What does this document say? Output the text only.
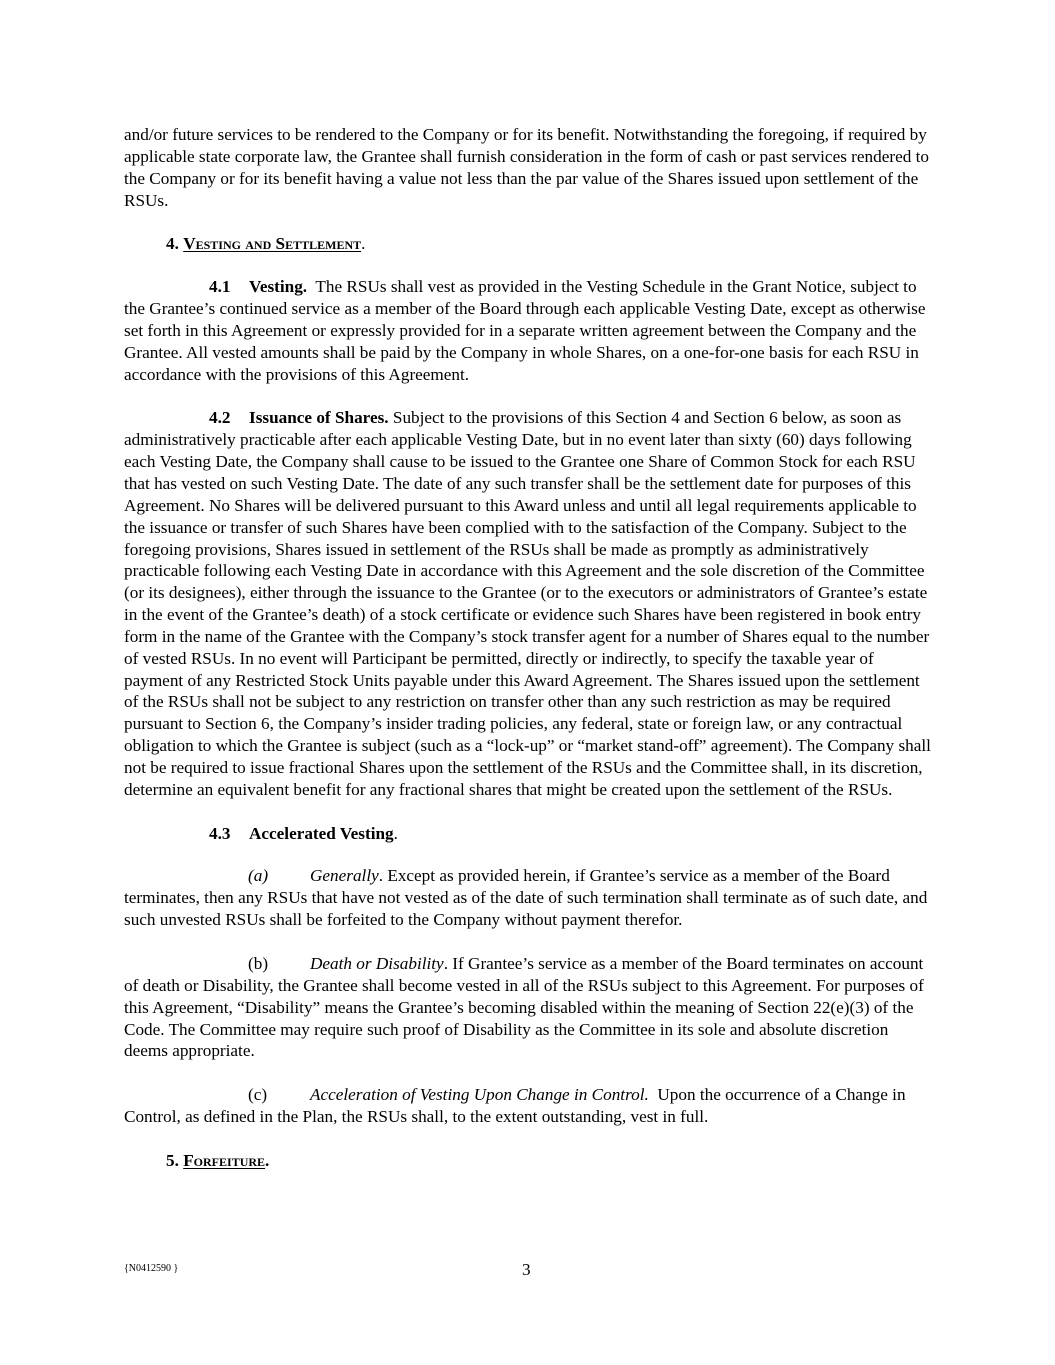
and/or future services to be rendered to the Company or for its benefit. Notwithstanding the foregoing, if required by applicable state corporate law, the Grantee shall furnish consideration in the form of cash or past services rendered to the Company or for its benefit having a value not less than the par value of the Shares issued upon settlement of the RSUs.

4. Vesting and Settlement.

4.1 Vesting. The RSUs shall vest as provided in the Vesting Schedule in the Grant Notice, subject to the Grantee’s continued service as a member of the Board through each applicable Vesting Date, except as otherwise set forth in this Agreement or expressly provided for in a separate written agreement between the Company and the Grantee. All vested amounts shall be paid by the Company in whole Shares, on a one-for-one basis for each RSU in accordance with the provisions of this Agreement.

4.2 Issuance of Shares. Subject to the provisions of this Section 4 and Section 6 below, as soon as administratively practicable after each applicable Vesting Date, but in no event later than sixty (60) days following each Vesting Date, the Company shall cause to be issued to the Grantee one Share of Common Stock for each RSU that has vested on such Vesting Date. The date of any such transfer shall be the settlement date for purposes of this Agreement. No Shares will be delivered pursuant to this Award unless and until all legal requirements applicable to the issuance or transfer of such Shares have been complied with to the satisfaction of the Company. Subject to the foregoing provisions, Shares issued in settlement of the RSUs shall be made as promptly as administratively practicable following each Vesting Date in accordance with this Agreement and the sole discretion of the Committee (or its designees), either through the issuance to the Grantee (or to the executors or administrators of Grantee’s estate in the event of the Grantee’s death) of a stock certificate or evidence such Shares have been registered in book entry form in the name of the Grantee with the Company’s stock transfer agent for a number of Shares equal to the number of vested RSUs. In no event will Participant be permitted, directly or indirectly, to specify the taxable year of payment of any Restricted Stock Units payable under this Award Agreement. The Shares issued upon the settlement of the RSUs shall not be subject to any restriction on transfer other than any such restriction as may be required pursuant to Section 6, the Company’s insider trading policies, any federal, state or foreign law, or any contractual obligation to which the Grantee is subject (such as a “lock-up” or “market stand-off” agreement). The Company shall not be required to issue fractional Shares upon the settlement of the RSUs and the Committee shall, in its discretion, determine an equivalent benefit for any fractional shares that might be created upon the settlement of the RSUs.

4.3 Accelerated Vesting.

(a) Generally. Except as provided herein, if Grantee’s service as a member of the Board terminates, then any RSUs that have not vested as of the date of such termination shall terminate as of such date, and such unvested RSUs shall be forfeited to the Company without payment therefor.

(b) Death or Disability. If Grantee’s service as a member of the Board terminates on account of death or Disability, the Grantee shall become vested in all of the RSUs subject to this Agreement. For purposes of this Agreement, “Disability” means the Grantee’s becoming disabled within the meaning of Section 22(e)(3) of the Code. The Committee may require such proof of Disability as the Committee in its sole and absolute discretion deems appropriate.

(c) Acceleration of Vesting Upon Change in Control. Upon the occurrence of a Change in Control, as defined in the Plan, the RSUs shall, to the extent outstanding, vest in full.

5. Forfeiture.

{N0412590 }	3
